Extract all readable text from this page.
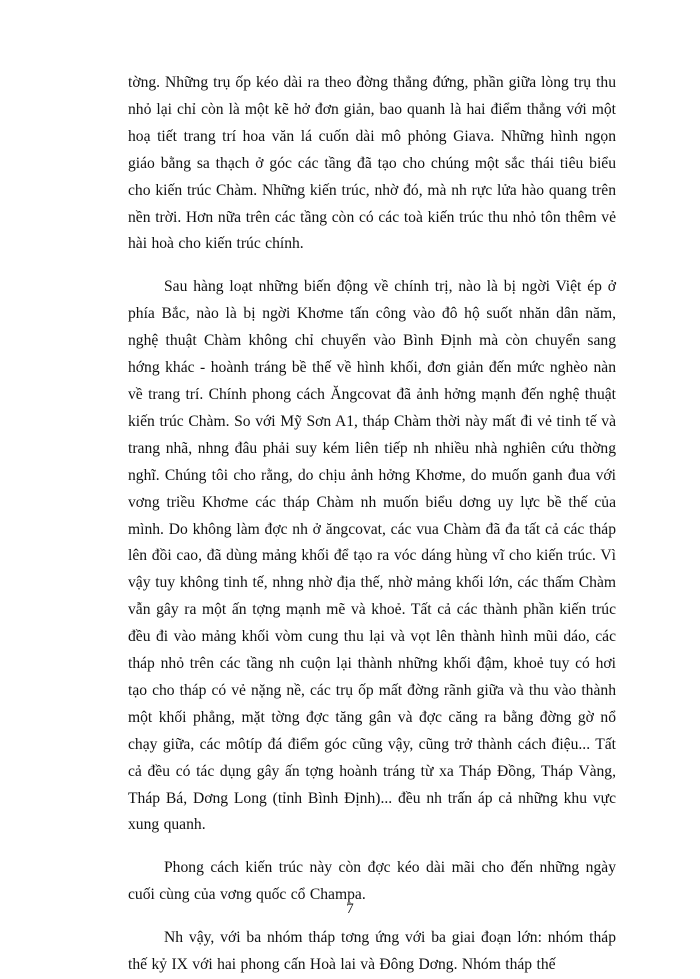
tờng. Những trụ ốp kéo dài ra theo đờng thẳng đứng, phần giữa lòng trụ thu nhỏ lại chỉ còn là một kẽ hở đơn giản, bao quanh là hai điểm thẳng với một hoạ tiết trang trí hoa văn lá cuốn dài mô phỏng Giava. Những hình ngọn giáo bằng sa thạch ở góc các tầng đã tạo cho chúng một sắc thái tiêu biểu cho kiến trúc Chàm. Những kiến trúc, nhờ đó, mà nh rực lửa hào quang trên nền trời. Hơn nữa trên các tầng còn có các toà kiến trúc thu nhỏ tôn thêm vẻ hài hoà cho kiến trúc chính.

Sau hàng loạt những biến động về chính trị, nào là bị ngời Việt ép ở phía Bắc, nào là bị ngời Khơme tấn công vào đô hộ suốt nhăn dân năm, nghệ thuật Chàm không chỉ chuyển vào Bình Định mà còn chuyển sang hớng khác - hoành tráng bề thế về hình khối, đơn giản đến mức nghèo nàn về trang trí. Chính phong cách Ăngcovat đã ảnh hởng mạnh đến nghệ thuật kiến trúc Chàm. So với Mỹ Sơn A1, tháp Chàm thời này mất đi vẻ tinh tế và trang nhã, nhng đâu phải suy kém liên tiếp nh nhiều nhà nghiên cứu thờng nghĩ. Chúng tôi cho rằng, do chịu ảnh hởng Khơme, do muốn ganh đua với vơng triều Khơme các tháp Chàm nh muốn biểu dơng uy lực bề thế của mình. Do không làm đợc nh ở ăngcovat, các vua Chàm đã đa tất cả các tháp lên đồi cao, đã dùng mảng khối để tạo ra vóc dáng hùng vĩ cho kiến trúc. Vì vậy tuy không tinh tế, nhng nhờ địa thế, nhờ mảng khối lớn, các thấm Chàm vẫn gây ra một ấn tợng mạnh mẽ và khoẻ. Tất cả các thành phần kiến trúc đều đi vào mảng khối vòm cung thu lại và vọt lên thành hình mũi dáo, các tháp nhỏ trên các tầng nh cuộn lại thành những khối đậm, khoẻ tuy có hơi tạo cho tháp có vẻ nặng nề, các trụ ốp mất đờng rãnh giữa và thu vào thành một khối phẳng, mặt tờng đợc tăng gân và đợc căng ra bằng đờng gờ nổ chạy giữa, các môtíp đá điểm góc cũng vậy, cũng trở thành cách điệu... Tất cả đều có tác dụng gây ấn tợng hoành tráng từ xa Tháp Đồng, Tháp Vàng, Tháp Bá, Dơng Long (tỉnh Bình Định)... đều nh trấn áp cả những khu vực xung quanh.

Phong cách kiến trúc này còn đợc kéo dài mãi cho đến những ngày cuối cùng của vơng quốc cổ Champa.

Nh vậy, với ba nhóm tháp tơng ứng với ba giai đoạn lớn: nhóm tháp thế kỷ IX với hai phong cấn Hoà lai và Đông Dơng. Nhóm tháp thế

7
